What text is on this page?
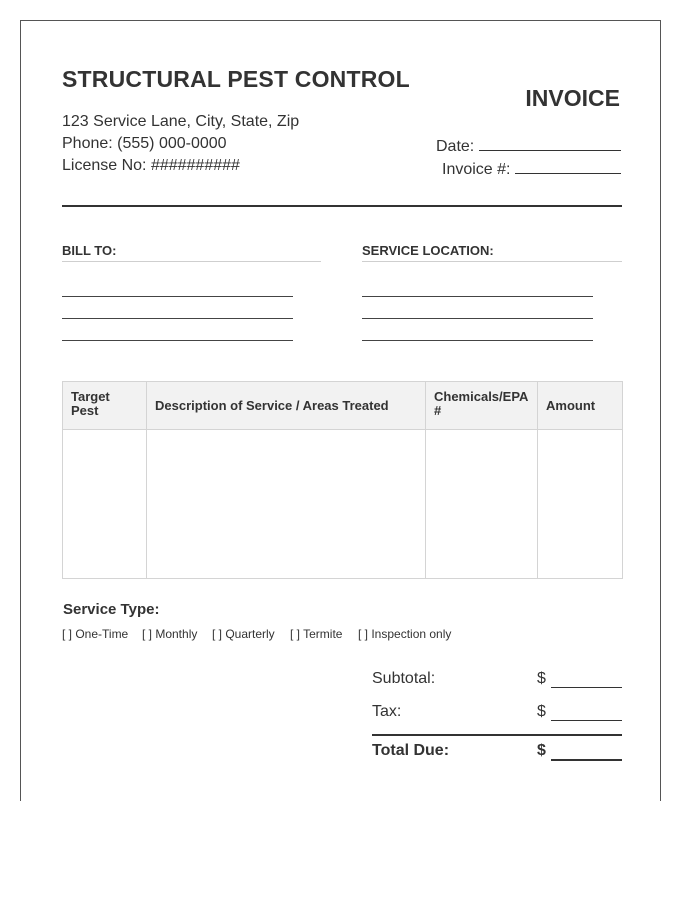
STRUCTURAL PEST CONTROL
INVOICE
123 Service Lane, City, State, Zip
Phone: (555) 000-0000
License No: ##########
Date:
Invoice #:
BILL TO:	SERVICE LOCATION:
Target Pest	Description of Service / Areas Treated	Chemicals/EPA #	Amount

Service Type:
[ ] One-Time [ ] Monthly [ ] Quarterly [ ] Termite [ ] Inspection only
Subtotal:	$
Tax:	$
Total Due:	$
